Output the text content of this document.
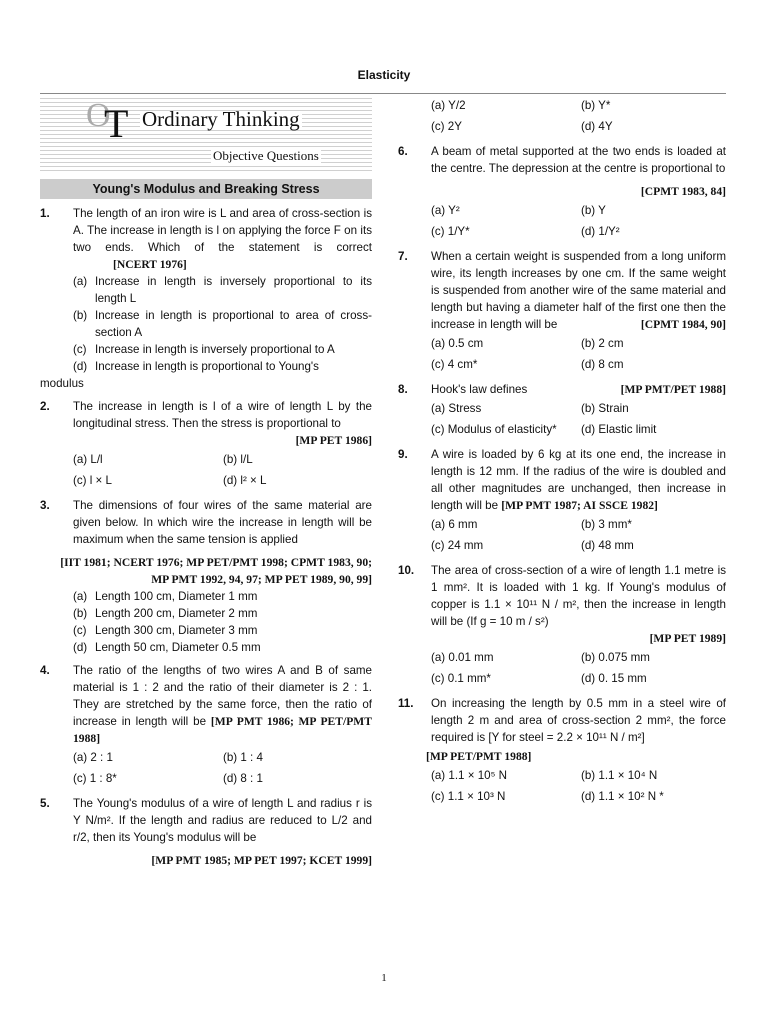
Elasticity
O
T Ordinary Thinking
Objective Questions
Young's Modulus and Breaking Stress
1. The length of an iron wire is L and area of cross-section is A. The increase in length is l on applying the force F on its two ends. Which of the statement is correct [NCERT 1976]
(a) Increase in length is inversely proportional to its length L
(b) Increase in length is proportional to area of cross-section A
(c) Increase in length is inversely proportional to A
(d) Increase in length is proportional to Young's
modulus
2. The increase in length is l of a wire of length L by the longitudinal stress. Then the stress is proportional to
[MP PET 1986]
(a) L/l	(b) l/L
(c) l × L	(d) l² × L
3. The dimensions of four wires of the same material are given below. In which wire the increase in length will be maximum when the same tension is applied
[IIT 1981; NCERT 1976; MP PET/PMT 1998; CPMT 1983, 90; MP PMT 1992, 94, 97; MP PET 1989, 90, 99]
(a) Length 100 cm, Diameter 1 mm
(b) Length 200 cm, Diameter 2 mm
(c) Length 300 cm, Diameter 3 mm
(d) Length 50 cm, Diameter 0.5 mm
4. The ratio of the lengths of two wires A and B of same material is 1 : 2 and the ratio of their diameter is 2 : 1. They are stretched by the same force, then the ratio of increase in length will be [MP PMT 1986; MP PET/PMT 1988]
(a) 2 : 1	(b) 1 : 4
(c) 1 : 8*	(d) 8 : 1
5. The Young's modulus of a wire of length L and radius r is Y N/m². If the length and radius are reduced to L/2 and r/2, then its Young's modulus will be
[MP PMT 1985; MP PET 1997; KCET 1999]
(a) Y/2	(b) Y*
(c) 2Y	(d) 4Y
6. A beam of metal supported at the two ends is loaded at the centre. The depression at the centre is proportional to
[CPMT 1983, 84]
(a) Y²	(b) Y
(c) 1/Y*	(d) 1/Y²
7. When a certain weight is suspended from a long uniform wire, its length increases by one cm. If the same weight is suspended from another wire of the same material and length but having a diameter half of the first one then the increase in length will be	[CPMT 1984, 90]
(a) 0.5 cm	(b) 2 cm
(c) 4 cm*	(d) 8 cm
8. Hook's law defines	[MP PMT/PET 1988]
(a) Stress	(b) Strain
(c) Modulus of elasticity*	(d) Elastic limit
9. A wire is loaded by 6 kg at its one end, the increase in length is 12 mm. If the radius of the wire is doubled and all other magnitudes are unchanged, then increase in length will be [MP PMT 1987; AI SSCE 1982]
(a) 6 mm	(b) 3 mm*
(c) 24 mm	(d) 48 mm
10. The area of cross-section of a wire of length 1.1 metre is 1 mm². It is loaded with 1 kg. If Young's modulus of copper is 1.1 × 10¹¹ N / m², then the increase in length will be (If g = 10 m / s²)
[MP PET 1989]
(a) 0.01 mm	(b) 0.075 mm
(c) 0.1 mm*	(d) 0. 15 mm
11. On increasing the length by 0.5 mm in a steel wire of length 2 m and area of cross-section 2 mm², the force required is [Y for steel = 2.2 × 10¹¹ N / m²]
[MP PET/PMT 1988]
(a) 1.1 × 10⁵ N	(b) 1.1 × 10⁴ N
(c) 1.1 × 10³ N	(d) 1.1 × 10² N *
1
